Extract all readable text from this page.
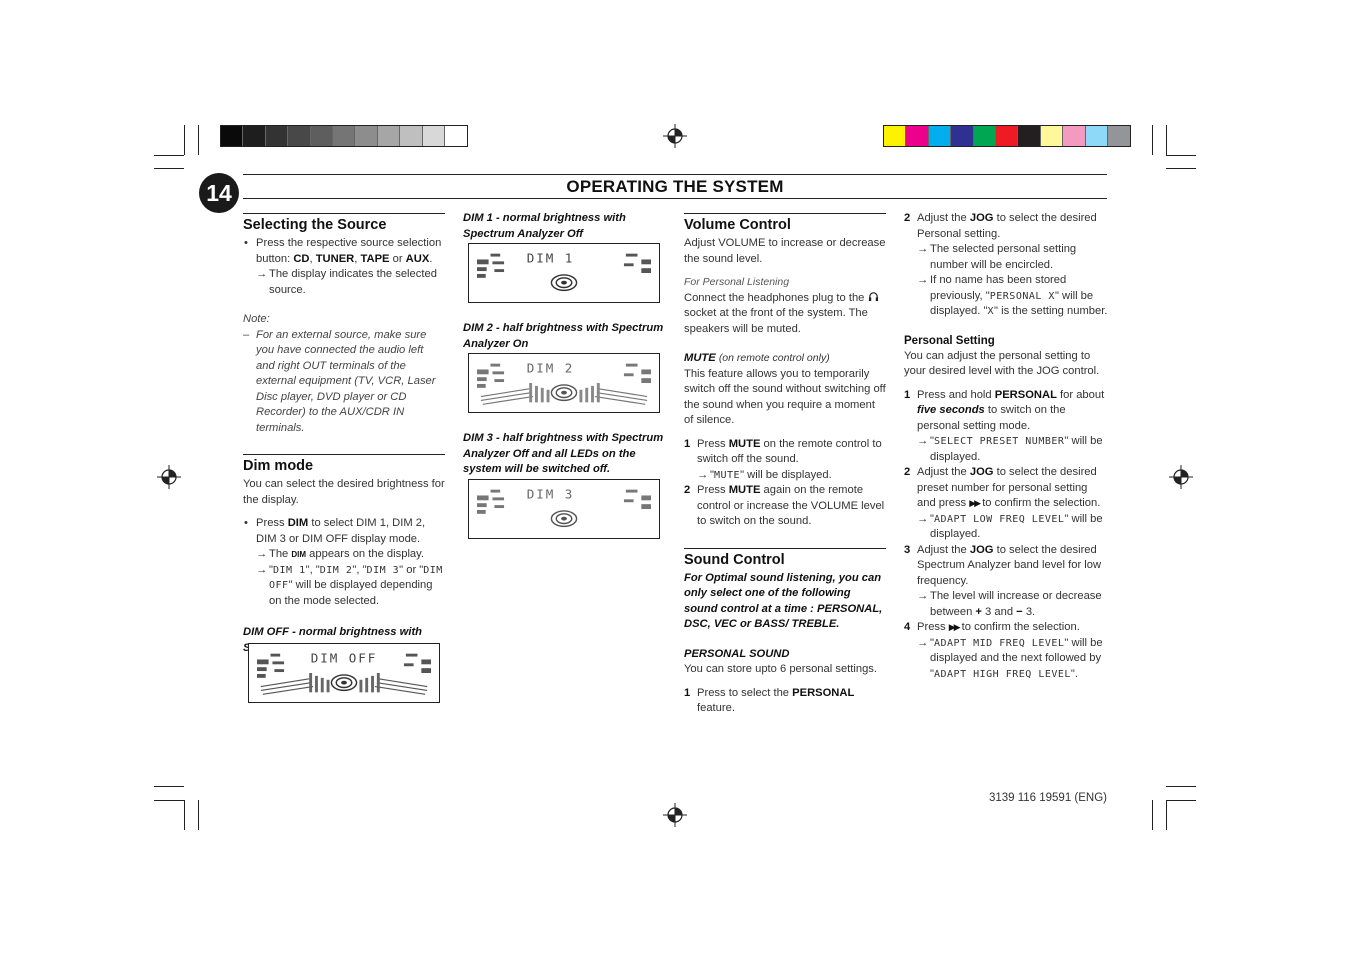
14	OPERATING THE SYSTEM
Selecting the Source
• Press the respective source selection button: CD, TUNER, TAPE or AUX.
→ The display indicates the selected source.
Note:
– For an external source, make sure you have connected the audio left and right OUT terminals of the external equipment (TV, VCR, Laser Disc player, DVD player or CD Recorder) to the AUX/CDR IN terminals.
Dim mode
You can select the desired brightness for the display.
• Press DIM to select DIM 1, DIM 2, DIM 3 or DIM OFF display mode.
→ The DIM appears on the display.
→ "DIM 1", "DIM 2", "DIM 3" or "DIM OFF" will be displayed depending on the mode selected.
DIM OFF - normal brightness with Spectrum Analyzer On
DIM OFF
DIM 1 - normal brightness with Spectrum Analyzer Off
DIM 1
DIM 2 - half brightness with Spectrum Analyzer On
DIM 2
DIM 3 - half brightness with Spectrum Analyzer Off and all LEDs on the system will be switched off.
DIM 3
Volume Control
Adjust VOLUME to increase or decrease the sound level.
For Personal Listening
Connect the headphones plug to the  socket at the front of the system. The speakers will be muted.
MUTE (on remote control only)
This feature allows you to temporarily switch off the sound without switching off the sound when you require a moment of silence.
1 Press MUTE on the remote control to switch off the sound.
→ "MUTE" will be displayed.
2 Press MUTE again on the remote control or increase the VOLUME level to switch on the sound.
Sound Control
For Optimal sound listening, you can only select one of the following sound control at a time : PERSONAL, DSC, VEC or BASS/ TREBLE.
PERSONAL SOUND
You can store upto 6 personal settings.
1 Press to select the PERSONAL feature.
2 Adjust the JOG to select the desired Personal setting.
→ The selected personal setting number will be encircled.
→ If no name has been stored previously, "PERSONAL X" will be displayed. "X" is the setting number.
Personal Setting
You can adjust the personal setting to your desired level with the JOG control.
1 Press and hold PERSONAL for about five seconds to switch on the personal setting mode.
→ "SELECT PRESET NUMBER" will be displayed.
2 Adjust the JOG to select the desired preset number for personal setting and press ▶▶ to confirm the selection.
→ "ADAPT LOW FREQ LEVEL" will be displayed.
3 Adjust the JOG to select the desired Spectrum Analyzer band level for low frequency.
→ The level will increase or decrease between + 3 and − 3.
4 Press ▶▶ to confirm the selection.
→ "ADAPT MID FREQ LEVEL" will be displayed and the next followed by "ADAPT HIGH FREQ LEVEL".
3139 116 19591 (ENG)
